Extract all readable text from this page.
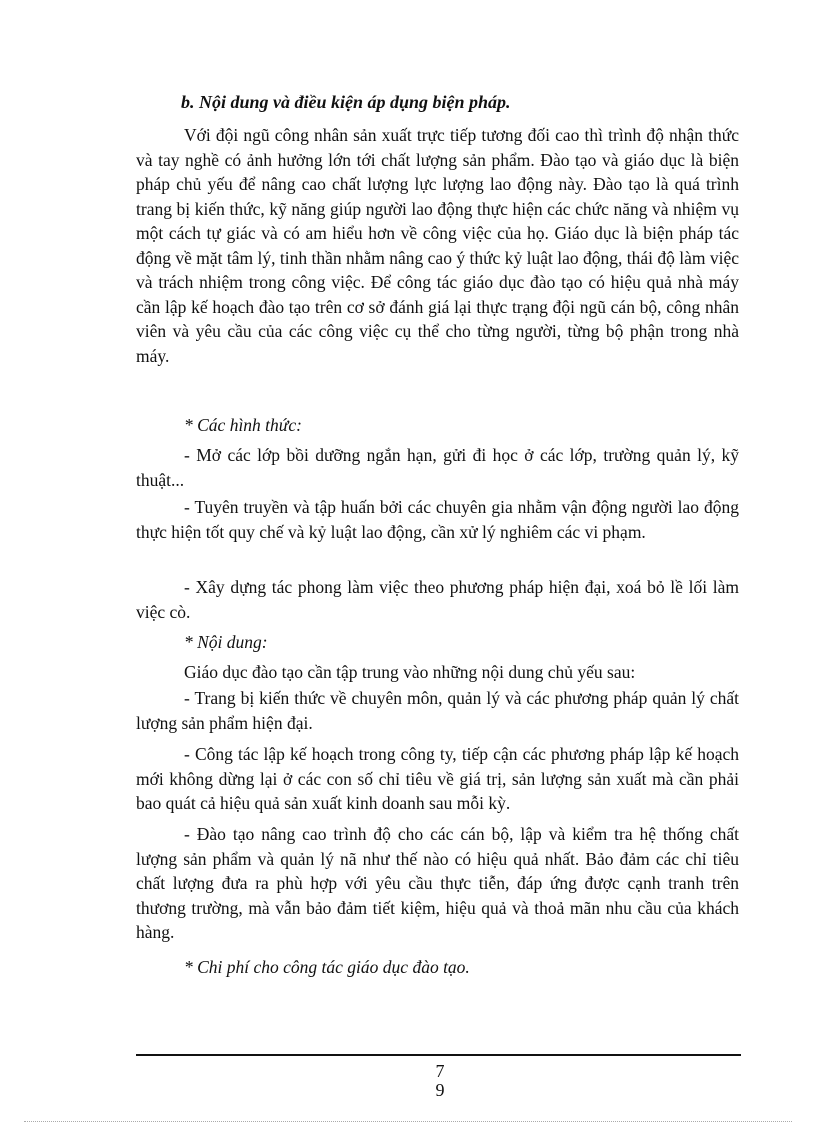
b. Nội dung và điều kiện áp dụng biện pháp.
Với đội ngũ công nhân sản xuất trực tiếp tương đối cao thì trình độ nhận thức và tay nghề có ảnh hưởng lớn tới chất lượng sản phẩm. Đào tạo và giáo dục là biện pháp chủ yếu để nâng cao chất lượng lực lượng lao động này. Đào tạo là quá trình trang bị kiến thức, kỹ năng giúp người lao động thực hiện các chức năng và nhiệm vụ một cách tự giác và có am hiểu hơn về công việc của họ. Giáo dục là biện pháp tác động về mặt tâm lý, tinh thần nhằm nâng cao ý thức kỷ luật lao động, thái độ làm việc và trách nhiệm trong công việc. Để công tác giáo dục đào tạo có hiệu quả nhà máy cần lập kế hoạch đào tạo trên cơ sở đánh giá lại thực trạng đội ngũ cán bộ, công nhân viên và yêu cầu của các công việc cụ thể cho từng người, từng bộ phận trong nhà máy.
* Các hình thức:
- Mở các lớp bồi dưỡng ngắn hạn, gửi đi học ở các lớp, trường quản lý, kỹ thuật...
- Tuyên truyền và tập huấn bởi các chuyên gia nhằm vận động người lao động thực hiện tốt quy chế và kỷ luật lao động, cần xử lý nghiêm các vi phạm.
- Xây dựng tác phong làm việc theo phương pháp hiện đại, xoá bỏ lề lối làm việc cò.
* Nội dung:
Giáo dục đào tạo cần tập trung vào những nội dung chủ yếu sau:
- Trang bị kiến thức về chuyên môn, quản lý và các phương pháp quản lý chất lượng sản phẩm hiện đại.
- Công tác lập kế hoạch trong công ty, tiếp cận các phương pháp lập kế hoạch mới không dừng lại ở các con số chỉ tiêu về giá trị, sản lượng sản xuất mà cần phải bao quát cả hiệu quả sản xuất kinh doanh sau mỗi kỳ.
- Đào tạo nâng cao trình độ cho các cán bộ, lập và kiểm tra hệ thống chất lượng sản phẩm và quản lý nã như thế nào có hiệu quả nhất. Bảo đảm các chỉ tiêu chất lượng đưa ra phù hợp với yêu cầu thực tiễn, đáp ứng được cạnh tranh trên thương trường, mà vẫn bảo đảm tiết kiệm, hiệu quả và thoả mãn nhu cầu của khách hàng.
* Chi phí cho công tác giáo dục đào tạo.
7
9
